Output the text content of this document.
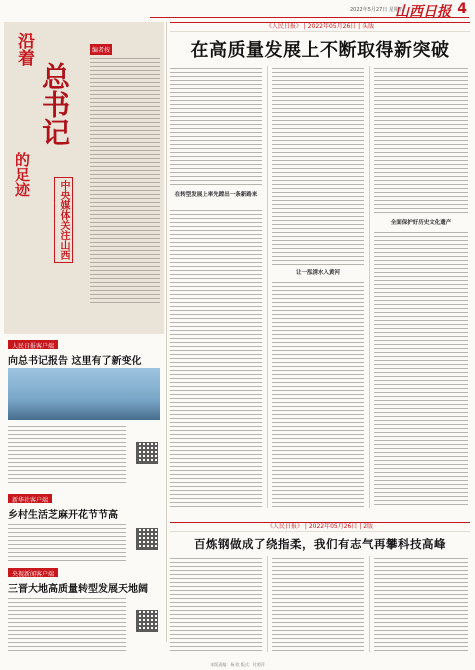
2022年5月27日 星期五
山西日报 4
沿着
总书记
的足迹
中央媒体关注山西
编者按
人民日报客户端
向总书记报告 这里有了新变化
新华社客户端
乡村生活芝麻开花节节高
央视新闻客户端
三晋大地高质量转型发展天地阔
《人民日报》 | 2022年05月26日 | 头版
在高质量发展上不断取得新突破
在转型发展上率先蹚出一条新路来
让一泓清水入黄河
全面保护好历史文化遗产
《人民日报》 | 2022年05月26日 | 2版
百炼钢做成了绕指柔，我们有志气再攀科技高峰
本版责编：杨 欧 版式：付照萍
